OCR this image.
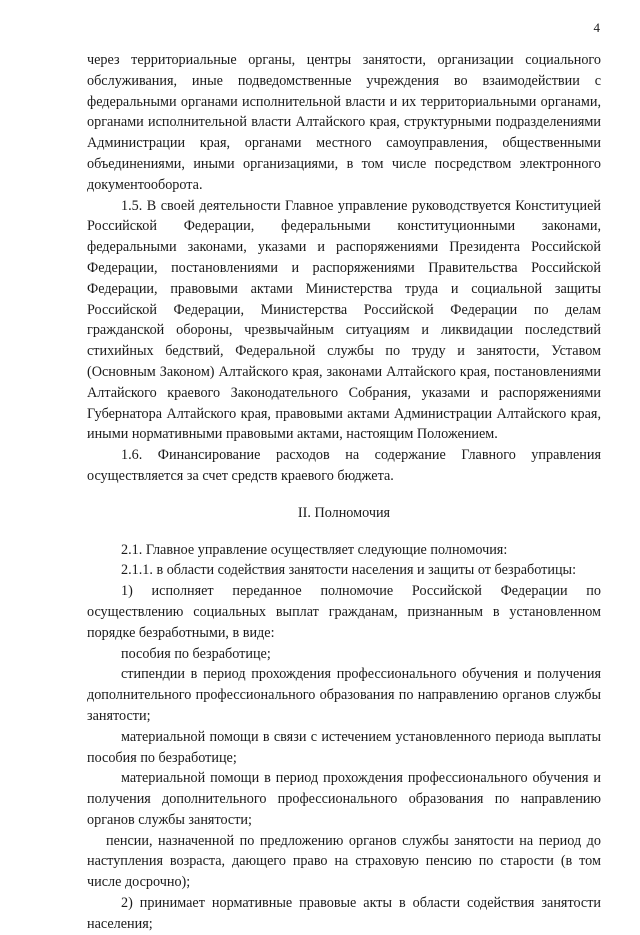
4

через территориальные органы, центры занятости, организации социального обслуживания, иные подведомственные учреждения во взаимодействии с федеральными органами исполнительной власти и их территориальными органами, органами исполнительной власти Алтайского края, структурными подразделениями Администрации края, органами местного самоуправления, общественными объединениями, иными организациями, в том числе посредством электронного документооборота.

1.5. В своей деятельности Главное управление руководствуется Конституцией Российской Федерации, федеральными конституционными законами, федеральными законами, указами и распоряжениями Президента Российской Федерации, постановлениями и распоряжениями Правительства Российской Федерации, правовыми актами Министерства труда и социальной защиты Российской Федерации, Министерства Российской Федерации по делам гражданской обороны, чрезвычайным ситуациям и ликвидации последствий стихийных бедствий, Федеральной службы по труду и занятости, Уставом (Основным Законом) Алтайского края, законами Алтайского края, постановлениями Алтайского краевого Законодательного Собрания, указами и распоряжениями Губернатора Алтайского края, правовыми актами Администрации Алтайского края, иными нормативными правовыми актами, настоящим Положением.

1.6. Финансирование расходов на содержание Главного управления осуществляется за счет средств краевого бюджета.

II. Полномочия

2.1. Главное управление осуществляет следующие полномочия:

2.1.1. в области содействия занятости населения и защиты от безработицы:

1) исполняет переданное полномочие Российской Федерации по осуществлению социальных выплат гражданам, признанным в установленном порядке безработными, в виде:

пособия по безработице;

стипендии в период прохождения профессионального обучения и получения дополнительного профессионального образования по направлению органов службы занятости;

материальной помощи в связи с истечением установленного периода выплаты пособия по безработице;

материальной помощи в период прохождения профессионального обучения и получения дополнительного профессионального образования по направлению органов службы занятости;

пенсии, назначенной по предложению органов службы занятости на период до наступления возраста, дающего право на страховую пенсию по старости (в том числе досрочно);

2) принимает нормативные правовые акты в области содействия занятости населения;
